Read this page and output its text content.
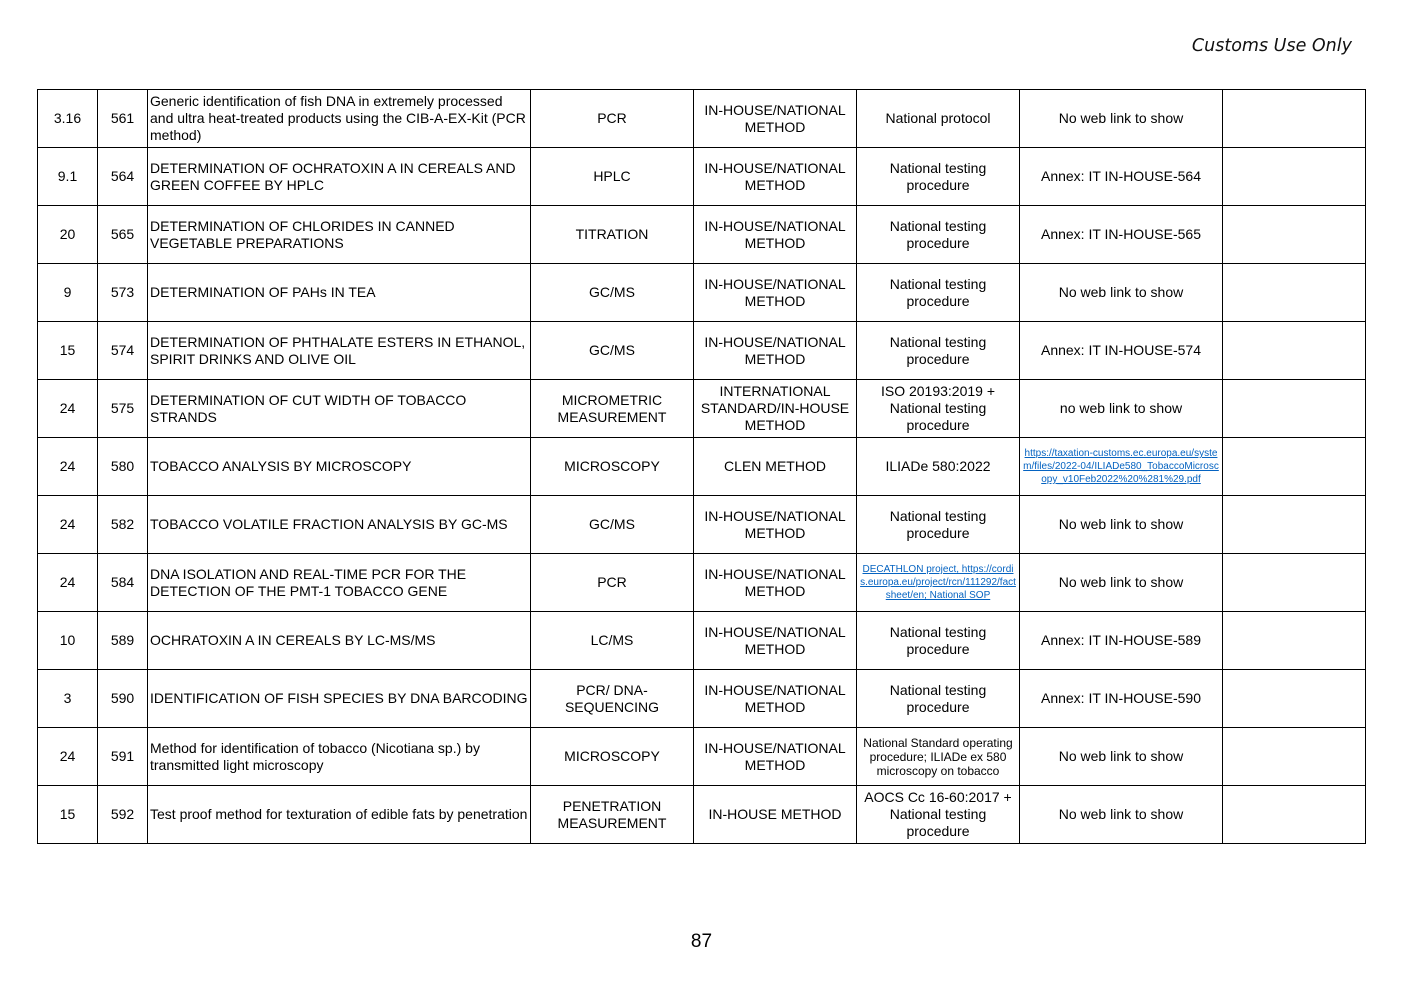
Customs Use Only
3.16	561	Generic identification of fish DNA in extremely processed and ultra heat-treated products using the CIB-A-EX-Kit (PCR method)	PCR	IN-HOUSE/NATIONAL METHOD	National protocol	No web link to show	
9.1	564	DETERMINATION OF OCHRATOXIN A IN CEREALS AND GREEN COFFEE BY HPLC	HPLC	IN-HOUSE/NATIONAL METHOD	National testing procedure	Annex: IT IN-HOUSE-564	
20	565	DETERMINATION OF CHLORIDES IN CANNED VEGETABLE PREPARATIONS	TITRATION	IN-HOUSE/NATIONAL METHOD	National testing procedure	Annex: IT IN-HOUSE-565	
9	573	DETERMINATION OF PAHs IN TEA	GC/MS	IN-HOUSE/NATIONAL METHOD	National testing procedure	No web link to show	
15	574	DETERMINATION OF PHTHALATE ESTERS IN ETHANOL, SPIRIT DRINKS AND OLIVE OIL	GC/MS	IN-HOUSE/NATIONAL METHOD	National testing procedure	Annex: IT IN-HOUSE-574	
24	575	DETERMINATION OF CUT WIDTH OF TOBACCO STRANDS	MICROMETRIC MEASUREMENT	INTERNATIONAL STANDARD/IN-HOUSE METHOD	ISO 20193:2019 + National testing procedure	no web link to show	
24	580	TOBACCO ANALYSIS BY MICROSCOPY	MICROSCOPY	CLEN METHOD	ILIADe 580:2022	https://taxation-customs.ec.europa.eu/system/files/2022-04/ILIADe580_TobaccoMicroscopy_v10Feb2022%20%281%29.pdf	
24	582	TOBACCO VOLATILE FRACTION ANALYSIS BY GC-MS	GC/MS	IN-HOUSE/NATIONAL METHOD	National testing procedure	No web link to show	
24	584	DNA ISOLATION AND REAL-TIME PCR FOR THE DETECTION OF THE PMT-1 TOBACCO GENE	PCR	IN-HOUSE/NATIONAL METHOD	DECATHLON project, https://cordis.europa.eu/project/rcn/111292/factsheet/en; National SOP	No web link to show	
10	589	OCHRATOXIN A IN CEREALS BY LC-MS/MS	LC/MS	IN-HOUSE/NATIONAL METHOD	National testing procedure	Annex: IT IN-HOUSE-589	
3	590	IDENTIFICATION OF FISH SPECIES BY DNA BARCODING	PCR/ DNA-SEQUENCING	IN-HOUSE/NATIONAL METHOD	National testing procedure	Annex: IT IN-HOUSE-590	
24	591	Method for identification of tobacco (Nicotiana sp.) by transmitted light microscopy	MICROSCOPY	IN-HOUSE/NATIONAL METHOD	National Standard operating procedure; ILIADe ex 580 microscopy on tobacco	No web link to show	
15	592	Test proof method for texturation of edible fats by penetration	PENETRATION MEASUREMENT	IN-HOUSE METHOD	AOCS Cc 16-60:2017 + National testing procedure	No web link to show	
87
